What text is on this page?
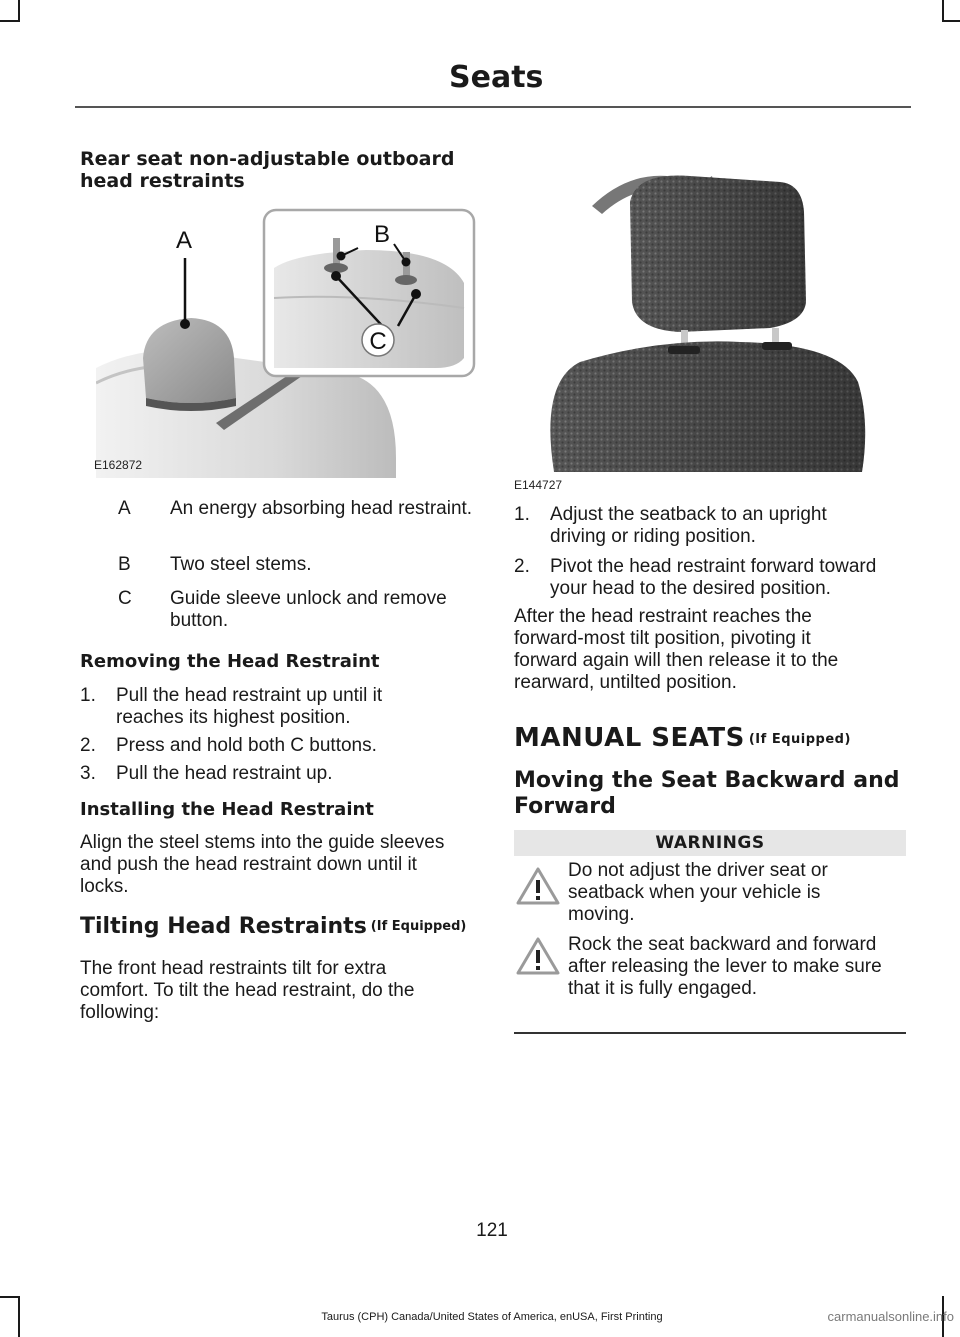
Seats
Rear seat non-adjustable outboard head restraints
C
B
A
E162872
A An energy absorbing head restraint.
B Two steel stems.
C Guide sleeve unlock and remove button.
Removing the Head Restraint
1. Pull the head restraint up until it
reaches its highest position.
2. Press and hold both C buttons.
3. Pull the head restraint up.
Installing the Head Restraint
Align the steel stems into the guide sleeves
and push the head restraint down until it
locks.
Tilting Head Restraints (If Equipped)
The front head restraints tilt for extra
comfort. To tilt the head restraint, do the
following:
E144727
1. Adjust the seatback to an upright
driving or riding position.
2. Pivot the head restraint forward toward
your head to the desired position.
After the head restraint reaches the
forward-most tilt position, pivoting it
forward again will then release it to the
rearward, untilted position.
MANUAL SEATS (If Equipped)
Moving the Seat Backward and
Forward
WARNINGS
Do not adjust the driver seat or
seatback when your vehicle is
moving.
Rock the seat backward and forward
after releasing the lever to make sure
that it is fully engaged.
121
Taurus (CPH) Canada/United States of America, enUSA, First Printing	carmanualsonline.info
